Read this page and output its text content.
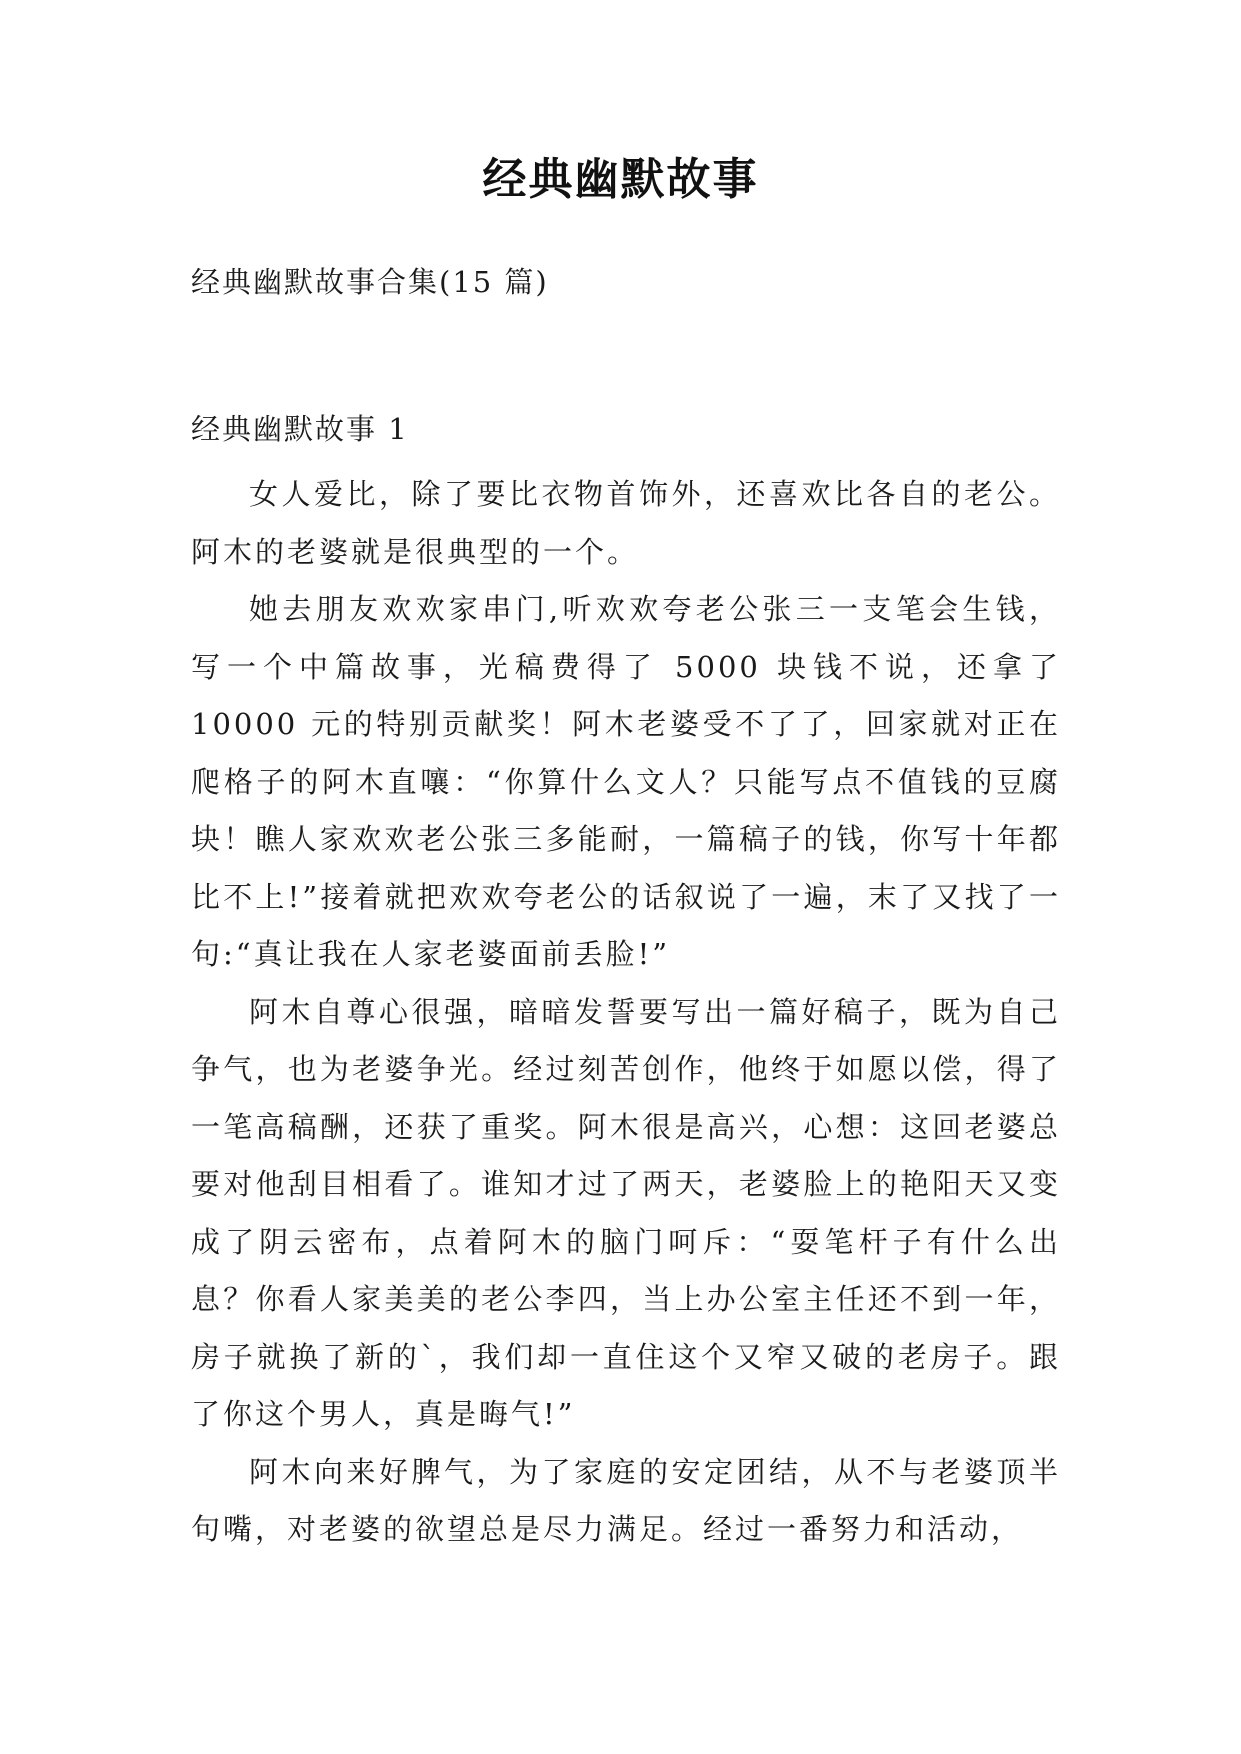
经典幽默故事
经典幽默故事合集(15 篇)
经典幽默故事 1

女人爱比，除了要比衣物首饰外，还喜欢比各自的老公。阿木的老婆就是很典型的一个。

她去朋友欢欢家串门,听欢欢夸老公张三一支笔会生钱，写一个中篇故事，光稿费得了 5000 块钱不说，还拿了 10000 元的特别贡献奖！阿木老婆受不了了，回家就对正在爬格子的阿木直嚷：“你算什么文人？只能写点不值钱的豆腐块！瞧人家欢欢老公张三多能耐，一篇稿子的钱，你写十年都比不上!”接着就把欢欢夸老公的话叙说了一遍，末了又找了一句:“真让我在人家老婆面前丢脸!”

阿木自尊心很强，暗暗发誓要写出一篇好稿子，既为自己争气，也为老婆争光。经过刻苦创作，他终于如愿以偿，得了一笔高稿酬，还获了重奖。阿木很是高兴，心想：这回老婆总要对他刮目相看了。谁知才过了两天，老婆脸上的艳阳天又变成了阴云密布，点着阿木的脑门呵斥：“耍笔杆子有什么出息？你看人家美美的老公李四，当上办公室主任还不到一年，房子就换了新的`，我们却一直住这个又窄又破的老房子。跟了你这个男人，真是晦气!”

阿木向来好脾气，为了家庭的安定团结，从不与老婆顶半句嘴，对老婆的欲望总是尽力满足。经过一番努力和活动，
